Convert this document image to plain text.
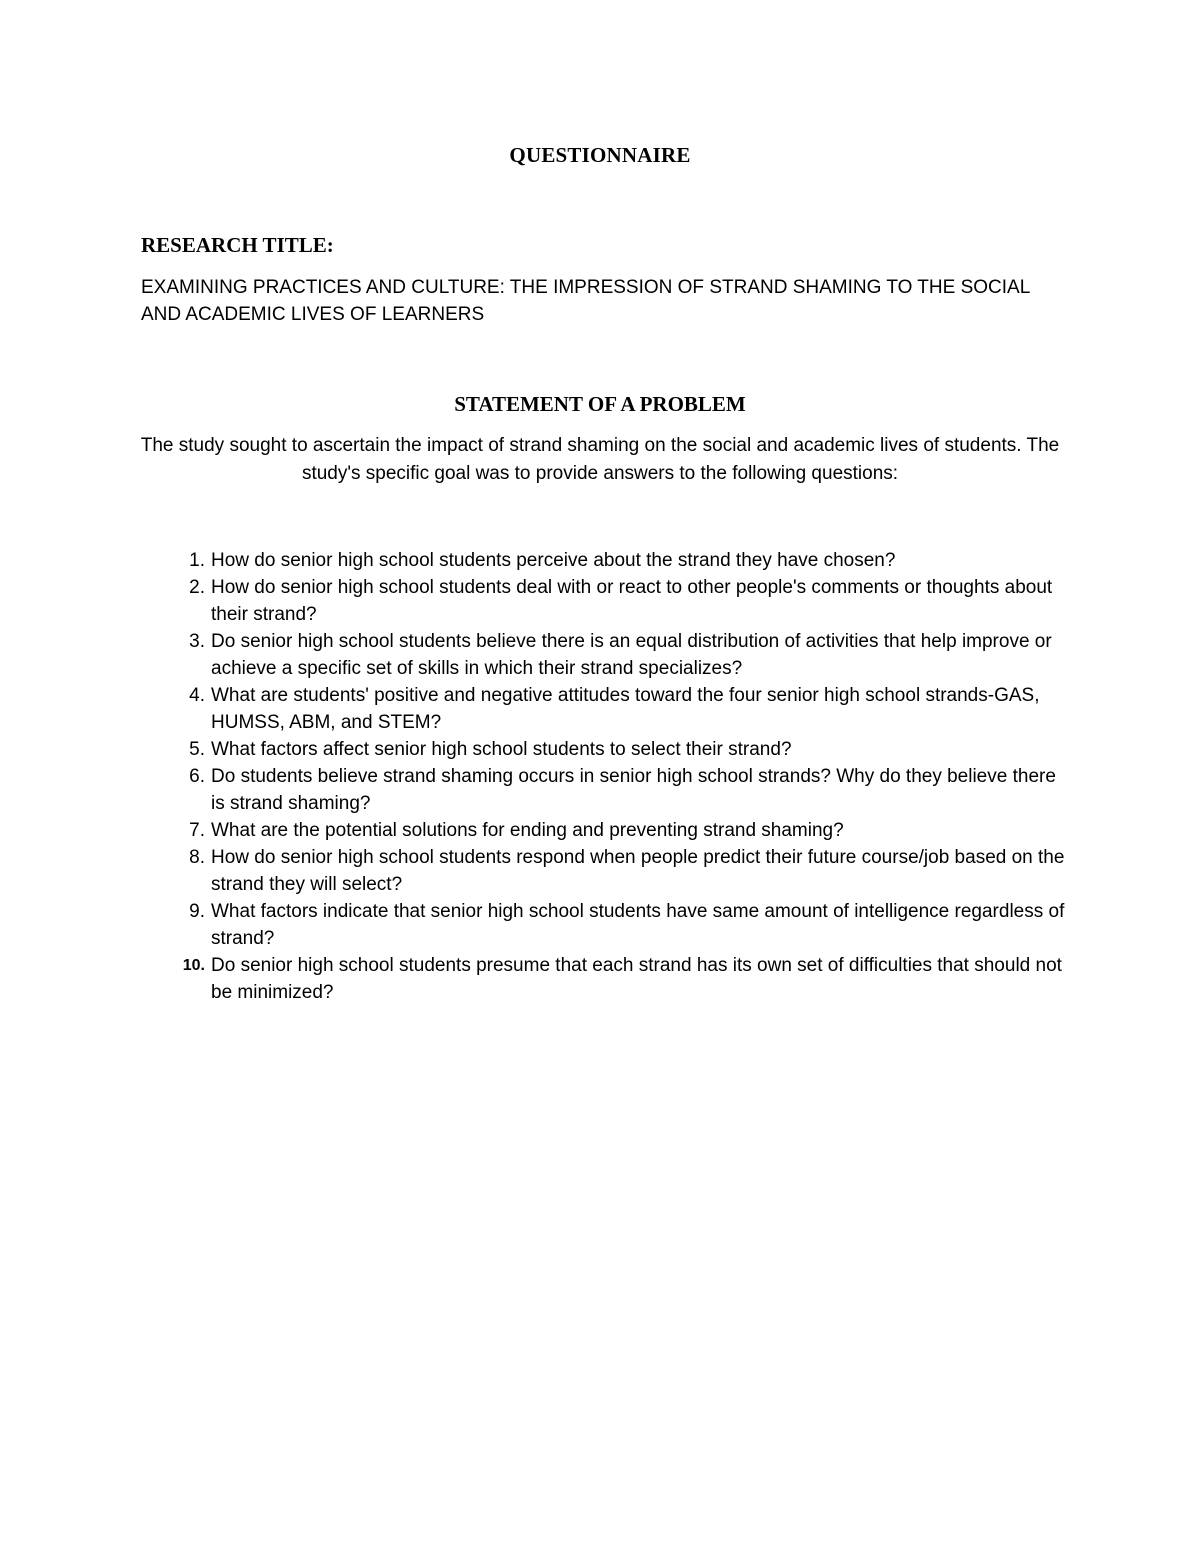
QUESTIONNAIRE
RESEARCH TITLE:
EXAMINING PRACTICES AND CULTURE: THE IMPRESSION OF STRAND SHAMING TO THE SOCIAL AND ACADEMIC LIVES OF LEARNERS
STATEMENT OF A PROBLEM
The study sought to ascertain the impact of strand shaming on the social and academic lives of students. The study's specific goal was to provide answers to the following questions:
1. How do senior high school students perceive about the strand they have chosen?
2. How do senior high school students deal with or react to other people's comments or thoughts about their strand?
3. Do senior high school students believe there is an equal distribution of activities that help improve or achieve a specific set of skills in which their strand specializes?
4. What are students' positive and negative attitudes toward the four senior high school strands-GAS, HUMSS, ABM, and STEM?
5. What factors affect senior high school students to select their strand?
6. Do students believe strand shaming occurs in senior high school strands? Why do they believe there is strand shaming?
7. What are the potential solutions for ending and preventing strand shaming?
8. How do senior high school students respond when people predict their future course/job based on the strand they will select?
9. What factors indicate that senior high school students have same amount of intelligence regardless of strand?
10. Do senior high school students presume that each strand has its own set of difficulties that should not be minimized?
